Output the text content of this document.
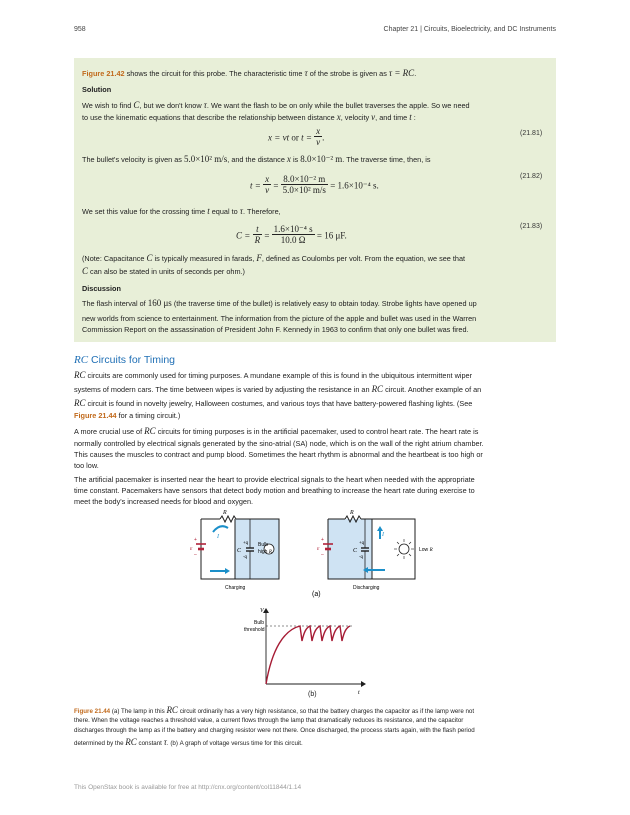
958	Chapter 21 | Circuits, Bioelectricity, and DC Instruments
Figure 21.42 shows the circuit for this probe. The characteristic time τ of the strobe is given as τ = RC.
Solution
We wish to find C, but we don't know τ. We want the flash to be on only while the bullet traverses the apple. So we need
to use the kinematic equations that describe the relationship between distance x, velocity v, and time t :
x = vt or $t = \frac{x}{v}$ .	(21.81)
The bullet's velocity is given as 5.0×10² m/s, and the distance x is 8.0×10⁻² m. The traverse time, then, is
$t = \frac{x}{v} = \frac{\text{8.0×10⁻² m}}{\text{5.0×10² m/s}} = 1.6\times 10^{-4}$ s.
(21.82)
We set this value for the crossing time t equal to τ. Therefore,
$C = \frac{t}{R} = \frac{\text{1.6×10⁻⁴ s}}{10.0 \Omega} = 16$ μF.
(21.83)
(Note: Capacitance C is typically measured in farads, F, defined as Coulombs per volt. From the equation, we see that
C can also be stated in units of seconds per ohm.)
Discussion
The flash interval of 160 μs (the traverse time of the bullet) is relatively easy to obtain today. Strobe lights have opened up
new worlds from science to entertainment. The information from the picture of the apple and bullet was used in the Warren
Commission Report on the assassination of President John F. Kennedy in 1963 to confirm that only one bullet was fired.
RC Circuits for Timing
RC circuits are commonly used for timing purposes. A mundane example of this is found in the ubiquitous intermittent wiper
systems of modern cars. The time between wipes is varied by adjusting the resistance in an RC circuit. Another example of an
RC circuit is found in novelty jewelry, Halloween costumes, and various toys that have battery-powered flashing lights. (See
Figure 21.44 for a timing circuit.)
A more crucial use of RC circuits for timing purposes is in the artificial pacemaker, used to control heart rate. The heart rate is
normally controlled by electrical signals generated by the sino-atrial (SA) node, which is on the wall of the right atrium chamber.
This causes the muscles to contract and pump blood. Sometimes the heart rhythm is abnormal and the heartbeat is too high or
too low.
The artificial pacemaker is inserted near the heart to provide electrical signals to the heart when needed with the appropriate
time constant. Pacemakers have sensors that detect body motion and breathing to increase the heart rate during exercise to
meet the body's increased needs for blood and oxygen.
R
I
C
+q
-q
Bulb
high R
ε
+
–
Charging
R
I
C
+q
-q
Low R
ε
+
–
Discharging
(a)
V
t
Bulb
threshold
(b)
Figure 21.44 (a) The lamp in this RC circuit ordinarily has a very high resistance, so that the battery charges the capacitor as if the lamp were not
there. When the voltage reaches a threshold value, a current flows through the lamp that dramatically reduces its resistance, and the capacitor
discharges through the lamp as if the battery and charging resistor were not there. Once discharged, the process starts again, with the flash period
determined by the RC constant τ. (b) A graph of voltage versus time for this circuit.
This OpenStax book is available for free at http://cnx.org/content/col11844/1.14
